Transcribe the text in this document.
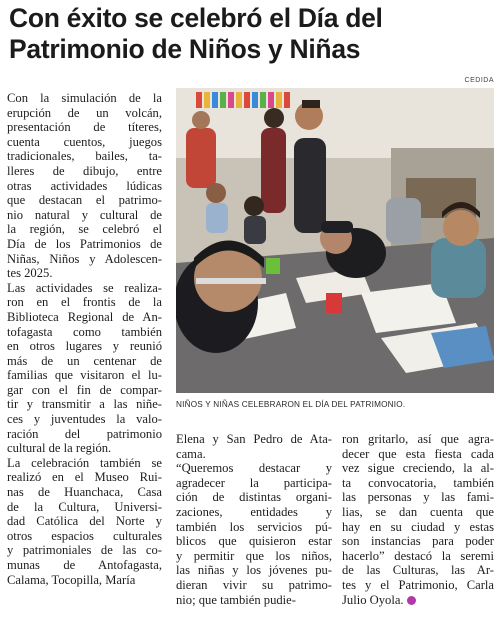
Con éxito se celebró el Día del
Patrimonio de Niños y Niñas
CEDIDA
Con la simulación de la
erupción de un volcán,
presentación de títeres,
cuenta cuentos, juegos
tradicionales, bailes, ta-
lleres de dibujo, entre
otras actividades lúdicas
que destacan el patrimo-
nio natural y cultural de
la región, se celebró el
Día de los Patrimonios de
Niñas, Niños y Adolescen-
tes 2025.
Las actividades se realiza-
ron en el frontis de la
Biblioteca Regional de An-
tofagasta como también
en otros lugares y reunió
más de un centenar de
familias que visitaron el lu-
gar con el fin de compar-
tir y transmitir a las niñe-
ces y juventudes la valo-
ración del patrimonio
cultural de la región.
La celebración también se
realizó en el Museo Rui-
nas de Huanchaca, Casa
de la Cultura, Universi-
dad Católica del Norte y
otros espacios culturales
y patrimoniales de las co-
munas de Antofagasta,
Calama, Tocopilla, María
NIÑOS Y NIÑAS CELEBRARON EL DÍA DEL PATRIMONIO.
Elena y San Pedro de Ata-
cama.
“Queremos destacar y
agradecer la participa-
ción de distintas organi-
zaciones, entidades y
también los servicios pú-
blicos que quisieron estar
y permitir que los niños,
las niñas y los jóvenes pu-
dieran vivir su patrimo-
nio; que también pudie-
ron gritarlo, así que agra-
decer que esta fiesta cada
vez sigue creciendo, la al-
ta convocatoria, también
las personas y las fami-
lias, se dan cuenta que
hay en su ciudad y estas
son instancias para poder
hacerlo” destacó la seremi
de las Culturas, las Ar-
tes y el Patrimonio, Carla
Julio Oyola.
